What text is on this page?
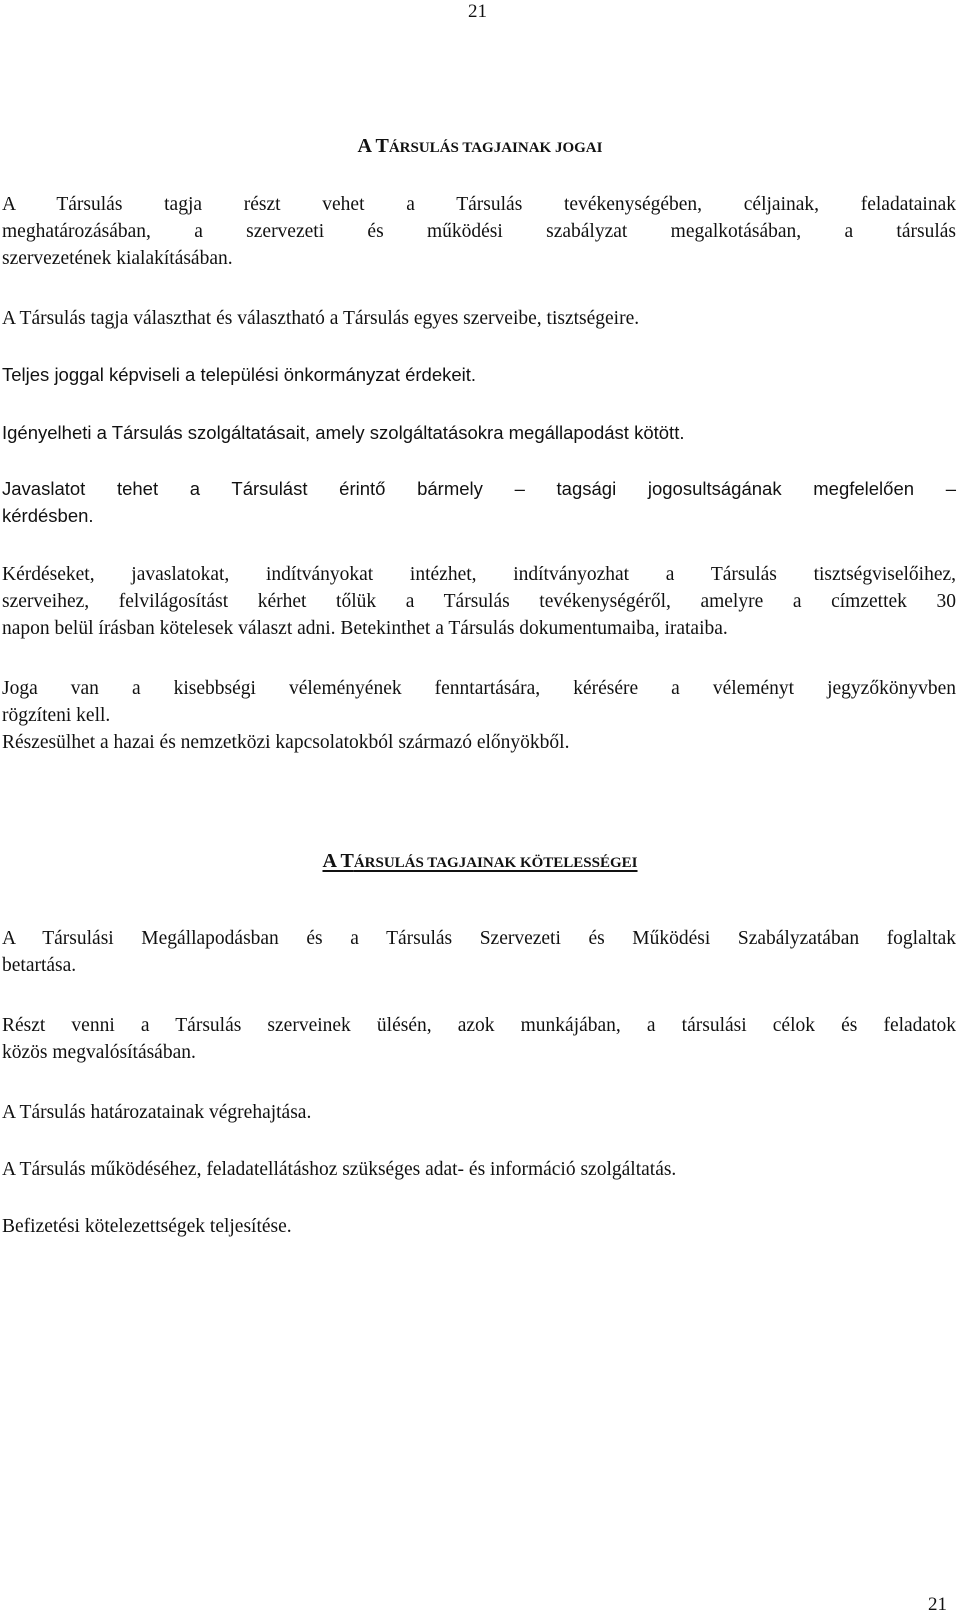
21
A TÁRSULÁS TAGJAINAK JOGAI
A Társulás tagja részt vehet a Társulás tevékenységében, céljainak, feladatainak
meghatározásában, a szervezeti és működési szabályzat megalkotásában, a társulás
szervezetének kialakításában.
A Társulás tagja választhat és választható a Társulás egyes szerveibe, tisztségeire.
Teljes joggal képviseli a települési önkormányzat érdekeit.
Igényelheti a Társulás szolgáltatásait, amely szolgáltatásokra megállapodást kötött.
Javaslatot tehet a Társulást érintő bármely – tagsági jogosultságának megfelelően –
kérdésben.
Kérdéseket, javaslatokat, indítványokat intézhet, indítványozhat a Társulás tisztségviselőihez,
szerveihez, felvilágosítást kérhet tőlük a Társulás tevékenységéről, amelyre a címzettek 30
napon belül írásban kötelesek választ adni. Betekinthet a Társulás dokumentumaiba, irataiba.
Joga van a kisebbségi véleményének fenntartására, kérésére a véleményt jegyzőkönyvben
rögzíteni kell.
Részesülhet a hazai és nemzetközi kapcsolatokból származó előnyökből.
A TÁRSULÁS TAGJAINAK KÖTELESSÉGEI
A Társulási Megállapodásban és a Társulás Szervezeti és Működési Szabályzatában foglaltak
betartása.
Részt venni a Társulás szerveinek ülésén, azok munkájában, a társulási célok és feladatok
közös megvalósításában.
A Társulás határozatainak végrehajtása.
A Társulás működéséhez, feladatellátáshoz szükséges adat- és információ szolgáltatás.
Befizetési kötelezettségek teljesítése.
21
